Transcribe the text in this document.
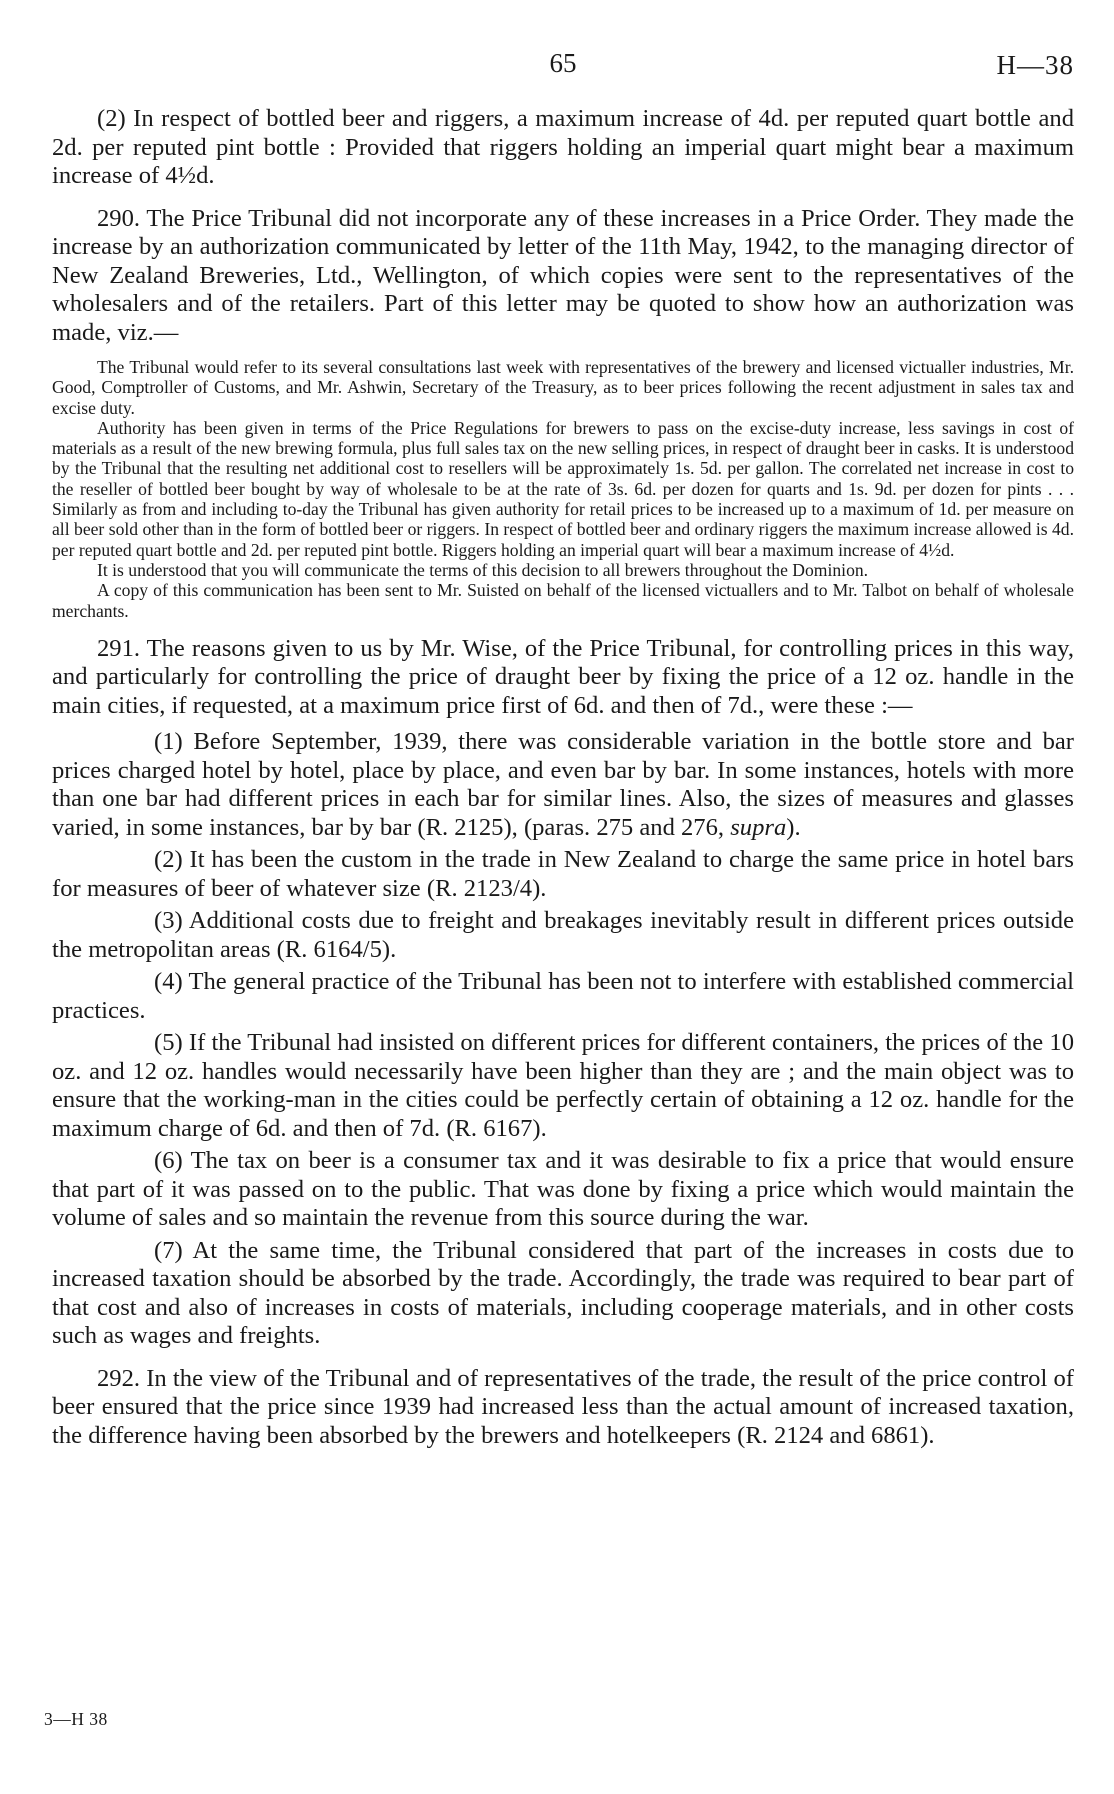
65	H—38

(2) In respect of bottled beer and riggers, a maximum increase of 4d. per reputed quart bottle and 2d. per reputed pint bottle : Provided that riggers holding an imperial quart might bear a maximum increase of 4½d.

290. The Price Tribunal did not incorporate any of these increases in a Price Order. They made the increase by an authorization communicated by letter of the 11th May, 1942, to the managing director of New Zealand Breweries, Ltd., Wellington, of which copies were sent to the representatives of the wholesalers and of the retailers. Part of this letter may be quoted to show how an authorization was made, viz.—

The Tribunal would refer to its several consultations last week with representatives of the brewery and licensed victualler industries, Mr. Good, Comptroller of Customs, and Mr. Ashwin, Secretary of the Treasury, as to beer prices following the recent adjustment in sales tax and excise duty.

Authority has been given in terms of the Price Regulations for brewers to pass on the excise-duty increase, less savings in cost of materials as a result of the new brewing formula, plus full sales tax on the new selling prices, in respect of draught beer in casks. It is understood by the Tribunal that the resulting net additional cost to resellers will be approximately 1s. 5d. per gallon. The correlated net increase in cost to the reseller of bottled beer bought by way of wholesale to be at the rate of 3s. 6d. per dozen for quarts and 1s. 9d. per dozen for pints . . . Similarly as from and including to-day the Tribunal has given authority for retail prices to be increased up to a maximum of 1d. per measure on all beer sold other than in the form of bottled beer or riggers. In respect of bottled beer and ordinary riggers the maximum increase allowed is 4d. per reputed quart bottle and 2d. per reputed pint bottle. Riggers holding an imperial quart will bear a maximum increase of 4½d.

It is understood that you will communicate the terms of this decision to all brewers throughout the Dominion.

A copy of this communication has been sent to Mr. Suisted on behalf of the licensed victuallers and to Mr. Talbot on behalf of wholesale merchants.

291. The reasons given to us by Mr. Wise, of the Price Tribunal, for controlling prices in this way, and particularly for controlling the price of draught beer by fixing the price of a 12 oz. handle in the main cities, if requested, at a maximum price first of 6d. and then of 7d., were these :—

(1) Before September, 1939, there was considerable variation in the bottle store and bar prices charged hotel by hotel, place by place, and even bar by bar. In some instances, hotels with more than one bar had different prices in each bar for similar lines. Also, the sizes of measures and glasses varied, in some instances, bar by bar (R. 2125), (paras. 275 and 276, supra).

(2) It has been the custom in the trade in New Zealand to charge the same price in hotel bars for measures of beer of whatever size (R. 2123/4).

(3) Additional costs due to freight and breakages inevitably result in different prices outside the metropolitan areas (R. 6164/5).

(4) The general practice of the Tribunal has been not to interfere with established commercial practices.

(5) If the Tribunal had insisted on different prices for different containers, the prices of the 10 oz. and 12 oz. handles would necessarily have been higher than they are ; and the main object was to ensure that the working-man in the cities could be perfectly certain of obtaining a 12 oz. handle for the maximum charge of 6d. and then of 7d. (R. 6167).

(6) The tax on beer is a consumer tax and it was desirable to fix a price that would ensure that part of it was passed on to the public. That was done by fixing a price which would maintain the volume of sales and so maintain the revenue from this source during the war.

(7) At the same time, the Tribunal considered that part of the increases in costs due to increased taxation should be absorbed by the trade. Accordingly, the trade was required to bear part of that cost and also of increases in costs of materials, including cooperage materials, and in other costs such as wages and freights.

292. In the view of the Tribunal and of representatives of the trade, the result of the price control of beer ensured that the price since 1939 had increased less than the actual amount of increased taxation, the difference having been absorbed by the brewers and hotelkeepers (R. 2124 and 6861).

3—H 38
